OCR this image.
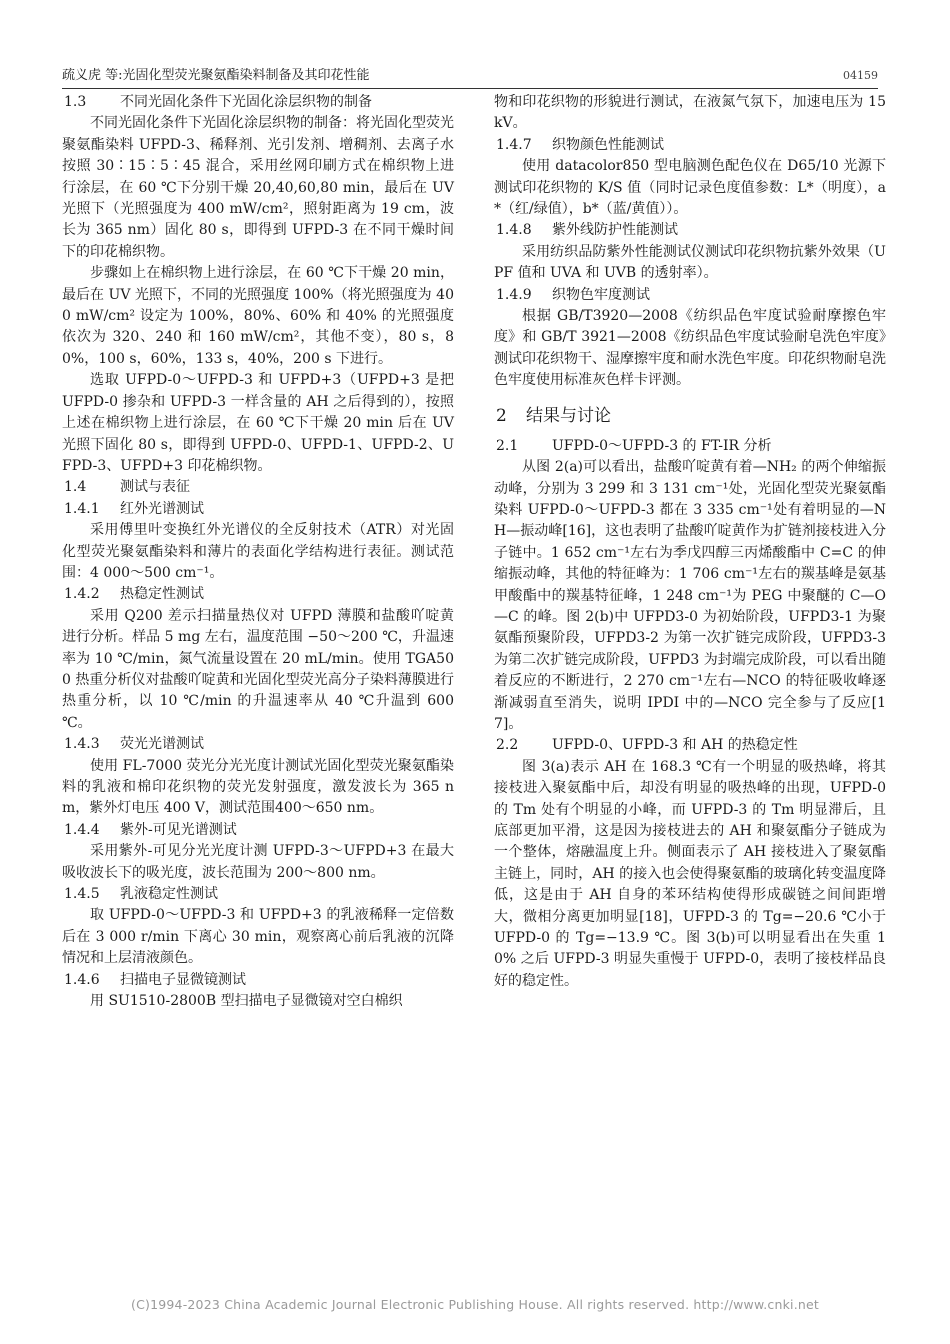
疏义虎 等:光固化型荧光聚氨酯染料制备及其印花性能	04159
1.3 不同光固化条件下光固化涂层织物的制备

不同光固化条件下光固化涂层织物的制备：将光固化型荧光聚氨酯染料 UFPD-3、稀释剂、光引发剂、增稠剂、去离子水按照 30∶15∶5∶45 混合，采用丝网印刷方式在棉织物上进行涂层，在 60 ℃下分别干燥 20,40,60,80 min，最后在 UV 光照下（光照强度为 400 mW/cm²，照射距离为 19 cm，波长为 365 nm）固化 80 s，即得到 UFPD-3 在不同干燥时间下的印花棉织物。

步骤如上在棉织物上进行涂层，在 60 ℃下干燥 20 min，最后在 UV 光照下，不同的光照强度 100%（将光照强度为 400 mW/cm² 设定为 100%，80%、60% 和 40% 的光照强度依次为 320、240 和 160 mW/cm²，其他不变），80 s，80%，100 s，60%，133 s，40%，200 s 下进行。

选取 UFPD-0～UFPD-3 和 UFPD+3（UFPD+3 是把 UFPD-0 掺杂和 UFPD-3 一样含量的 AH 之后得到的），按照上述在棉织物上进行涂层，在 60 ℃下干燥 20 min 后在 UV 光照下固化 80 s，即得到 UFPD-0、UFPD-1、UFPD-2、UFPD-3、UFPD+3 印花棉织物。

1.4 测试与表征
1.4.1 红外光谱测试

采用傅里叶变换红外光谱仪的全反射技术（ATR）对光固化型荧光聚氨酯染料和薄片的表面化学结构进行表征。测试范围：4 000～500 cm⁻¹。

1.4.2 热稳定性测试

采用 Q200 差示扫描量热仪对 UFPD 薄膜和盐酸吖啶黄进行分析。样品 5 mg 左右，温度范围 −50～200 ℃，升温速率为 10 ℃/min，氮气流量设置在 20 mL/min。使用 TGA500 热重分析仪对盐酸吖啶黄和光固化型荧光高分子染料薄膜进行热重分析，以 10 ℃/min 的升温速率从 40 ℃升温到 600 ℃。

1.4.3 荧光光谱测试

使用 FL-7000 荧光分光光度计测试光固化型荧光聚氨酯染料的乳液和棉印花织物的荧光发射强度，激发波长为 365 nm，紫外灯电压 400 V，测试范围400～650 nm。

1.4.4 紫外-可见光谱测试

采用紫外-可见分光光度计测 UFPD-3～UFPD+3 在最大吸收波长下的吸光度，波长范围为 200～800 nm。

1.4.5 乳液稳定性测试

取 UFPD-0～UFPD-3 和 UFPD+3 的乳液稀释一定倍数后在 3 000 r/min 下离心 30 min，观察离心前后乳液的沉降情况和上层清液颜色。

1.4.6 扫描电子显微镜测试

用 SU1510-2800B 型扫描电子显微镜对空白棉织

物和印花织物的形貌进行测试，在液氮气氛下，加速电压为 15 kV。

1.4.7 织物颜色性能测试

使用 datacolor850 型电脑测色配色仪在 D65/10 光源下测试印花织物的 K/S 值（同时记录色度值参数：L*（明度），a*（红/绿值），b*（蓝/黄值））。

1.4.8 紫外线防护性能测试

采用纺织品防紫外性能测试仪测试印花织物抗紫外效果（UPF 值和 UVA 和 UVB 的透射率）。

1.4.9 织物色牢度测试

根据 GB/T3920—2008《纺织品色牢度试验耐摩擦色牢度》和 GB/T 3921—2008《纺织品色牢度试验耐皂洗色牢度》测试印花织物干、湿摩擦牢度和耐水洗色牢度。印花织物耐皂洗色牢度使用标准灰色样卡评测。

2 结果与讨论
2.1 UFPD-0～UFPD-3 的 FT-IR 分析

从图 2(a)可以看出，盐酸吖啶黄有着—NH₂ 的两个伸缩振动峰，分别为 3 299 和 3 131 cm⁻¹处，光固化型荧光聚氨酯染料 UFPD-0～UFPD-3 都在 3 335 cm⁻¹处有着明显的—NH—振动峰[16]，这也表明了盐酸吖啶黄作为扩链剂接枝进入分子链中。1 652 cm⁻¹左右为季戊四醇三丙烯酸酯中 C=C 的伸缩振动峰，其他的特征峰为：1 706 cm⁻¹左右的羰基峰是氨基甲酸酯中的羰基特征峰，1 248 cm⁻¹为 PEG 中聚醚的 C—O—C 的峰。图 2(b)中 UFPD3-0 为初始阶段，UFPD3-1 为聚氨酯预聚阶段，UFPD3-2 为第一次扩链完成阶段，UFPD3-3 为第二次扩链完成阶段，UFPD3 为封端完成阶段，可以看出随着反应的不断进行，2 270 cm⁻¹左右—NCO 的特征吸收峰逐渐减弱直至消失，说明 IPDI 中的—NCO 完全参与了反应[17]。

2.2 UFPD-0、UFPD-3 和 AH 的热稳定性

图 3(a)表示 AH 在 168.3 ℃有一个明显的吸热峰，将其接枝进入聚氨酯中后，却没有明显的吸热峰的出现，UFPD-0 的 Tm 处有个明显的小峰，而 UFPD-3 的 Tm 明显滞后，且底部更加平滑，这是因为接枝进去的 AH 和聚氨酯分子链成为一个整体，熔融温度上升。侧面表示了 AH 接枝进入了聚氨酯主链上，同时，AH 的接入也会使得聚氨酯的玻璃化转变温度降低，这是由于 AH 自身的苯环结构使得形成碳链之间间距增大，微相分离更加明显[18]，UFPD-3 的 Tg=−20.6 ℃小于 UFPD-0 的 Tg=−13.9 ℃。图 3(b)可以明显看出在失重 10% 之后 UFPD-3 明显失重慢于 UFPD-0，表明了接枝样品良好的稳定性。

(C)1994-2023 China Academic Journal Electronic Publishing House. All rights reserved. http://www.cnki.net
